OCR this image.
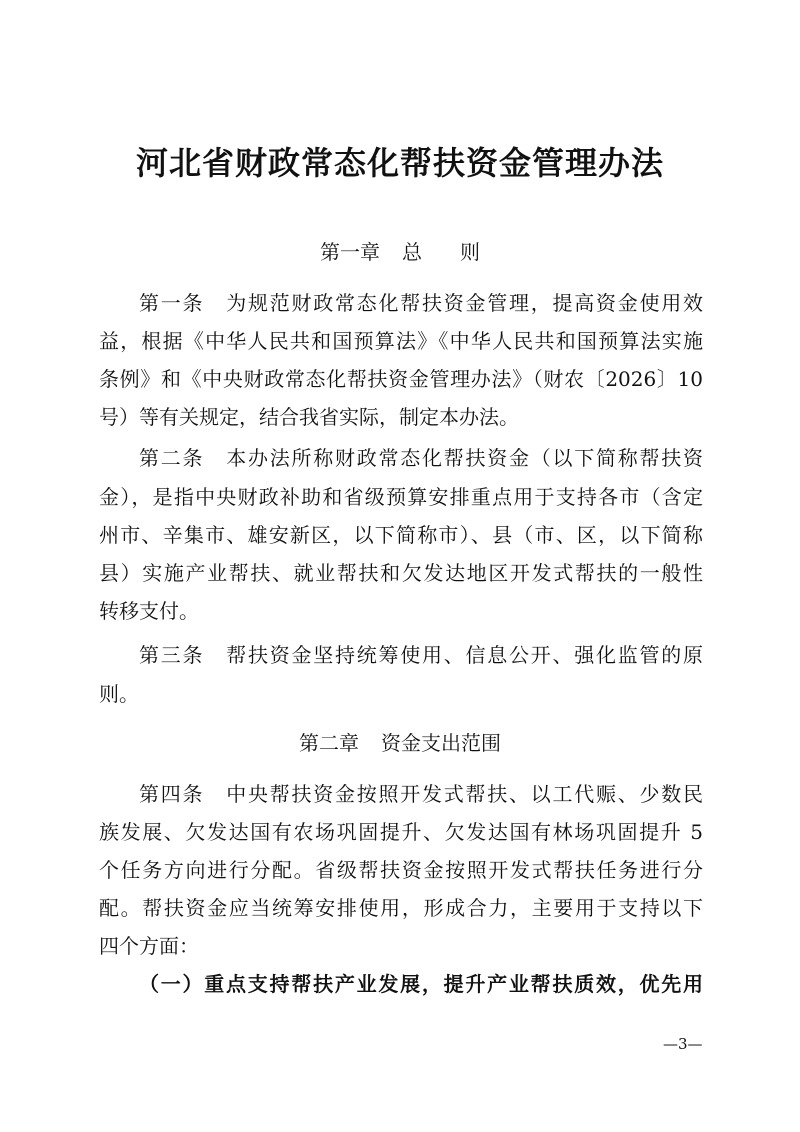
河北省财政常态化帮扶资金管理办法
第一章 总则
第一条 为规范财政常态化帮扶资金管理，提高资金使用效
益，根据《中华人民共和国预算法》《中华人民共和国预算法实施
条例》和《中央财政常态化帮扶资金管理办法》（财农〔2026〕10
号）等有关规定，结合我省实际，制定本办法。
第二条 本办法所称财政常态化帮扶资金（以下简称帮扶资
金），是指中央财政补助和省级预算安排重点用于支持各市（含定
州市、辛集市、雄安新区，以下简称市）、县（市、区，以下简称
县）实施产业帮扶、就业帮扶和欠发达地区开发式帮扶的一般性
转移支付。
第三条 帮扶资金坚持统筹使用、信息公开、强化监管的原
则。
第二章 资金支出范围
第四条 中央帮扶资金按照开发式帮扶、以工代赈、少数民
族发展、欠发达国有农场巩固提升、欠发达国有林场巩固提升 5
个任务方向进行分配。省级帮扶资金按照开发式帮扶任务进行分
配。帮扶资金应当统筹安排使用，形成合力，主要用于支持以下
四个方面：
（一）重点支持帮扶产业发展，提升产业帮扶质效，优先用
—3—
